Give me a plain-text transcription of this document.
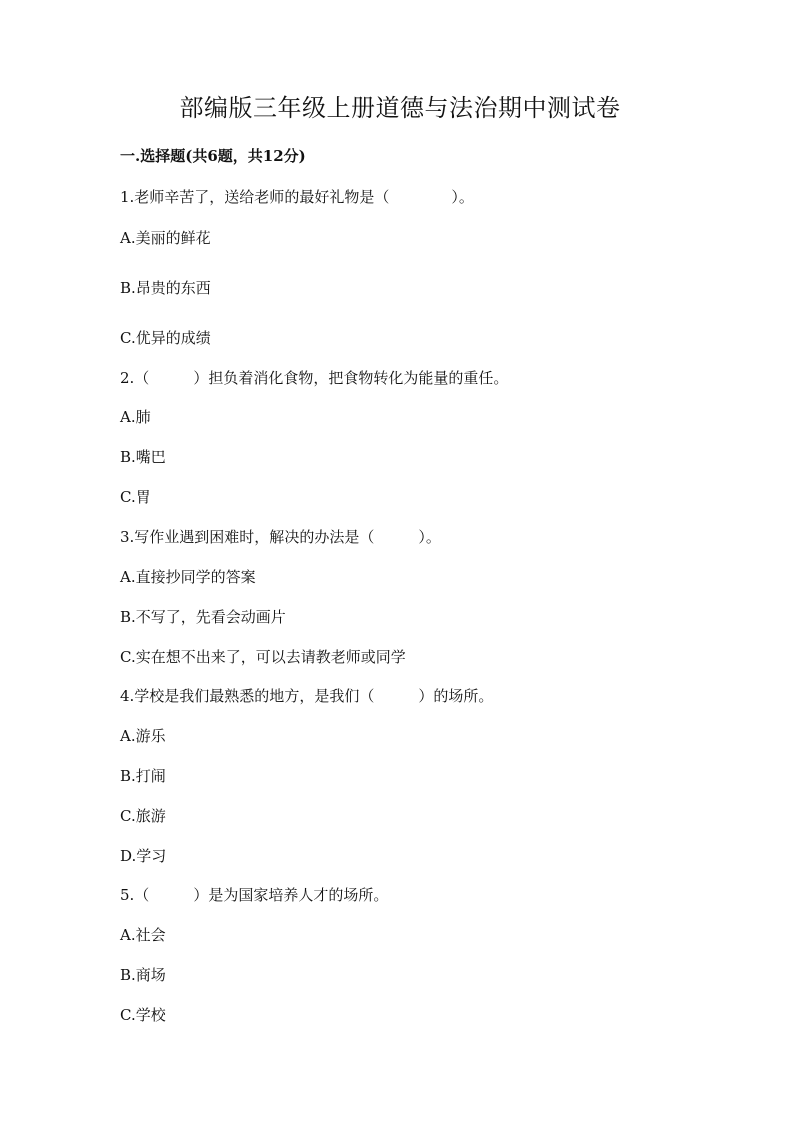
部编版三年级上册道德与法治期中测试卷
一.选择题(共6题，共12分)
1.老师辛苦了，送给老师的最好礼物是（	）。
A.美丽的鲜花
B.昂贵的东西
C.优异的成绩
2.（	）担负着消化食物，把食物转化为能量的重任。
A.肺
B.嘴巴
C.胃
3.写作业遇到困难时，解决的办法是（	）。
A.直接抄同学的答案
B.不写了，先看会动画片
C.实在想不出来了，可以去请教老师或同学
4.学校是我们最熟悉的地方，是我们（	）的场所。
A.游乐
B.打闹
C.旅游
D.学习
5.（	）是为国家培养人才的场所。
A.社会
B.商场
C.学校
